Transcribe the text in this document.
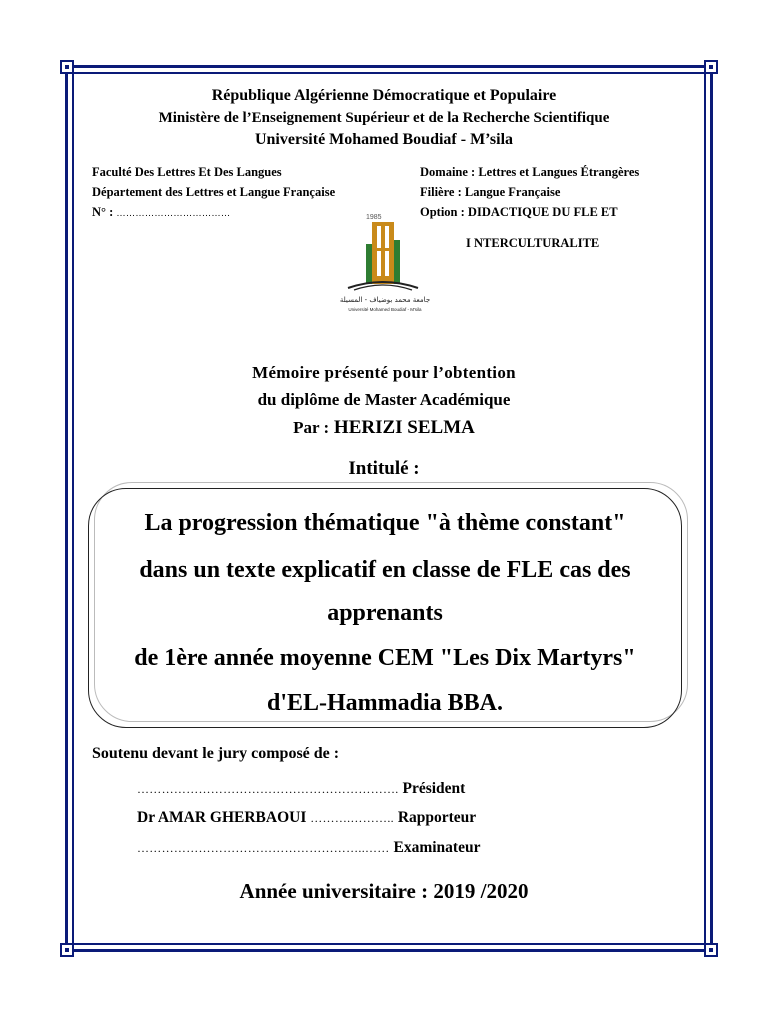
République Algérienne Démocratique et Populaire
Ministère de l’Enseignement Supérieur et de la Recherche Scientifique
Université Mohamed Boudiaf - M’sila
Faculté Des Lettres Et Des Langues
Département des Lettres et Langue Française
N° : ………………………………
Domaine : Lettres et Langues Étrangères
Filière : Langue Française
Option : DIDACTIQUE DU FLE ET
I NTERCULTURALITE
1985
جامعة محمد بوضياف - المسيلة
Université Mohamed Boudiaf - M'sila
Mémoire présenté pour l’obtention
du diplôme de Master Académique
Par : HERIZI SELMA
Intitulé :
La progression thématique "à thème constant"
dans un texte explicatif en classe de FLE cas des
apprenants
de 1ère année moyenne CEM "Les Dix Martyrs"
d'EL-Hammadia BBA.
Soutenu devant le jury composé de :
………………………………………………………. Président
Dr AMAR GHERBAOUI ……….……….. Rapporteur
………………………………………………..…… Examinateur
Année universitaire : 2019 /2020
